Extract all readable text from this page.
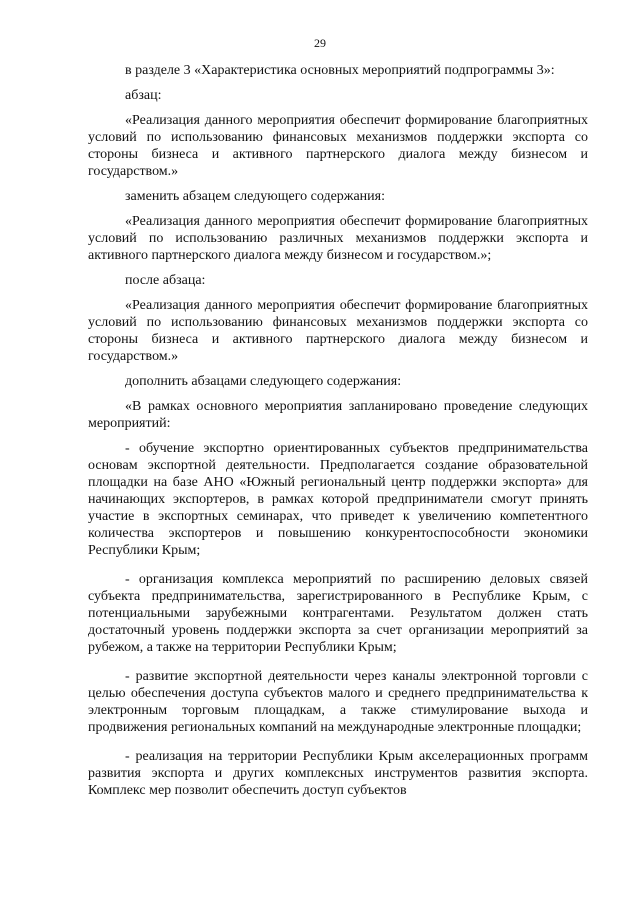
29

в разделе 3 «Характеристика основных мероприятий подпрограммы 3»:

абзац:

«Реализация данного мероприятия обеспечит формирование благоприятных условий по использованию финансовых механизмов поддержки экспорта со стороны бизнеса и активного партнерского диалога между бизнесом и государством.»

заменить абзацем следующего содержания:

«Реализация данного мероприятия обеспечит формирование благоприятных условий по использованию различных механизмов поддержки экспорта и активного партнерского диалога между бизнесом и государством.»;

после абзаца:

«Реализация данного мероприятия обеспечит формирование благоприятных условий по использованию финансовых механизмов поддержки экспорта со стороны бизнеса и активного партнерского диалога между бизнесом и государством.»

дополнить абзацами следующего содержания:

«В рамках основного мероприятия запланировано проведение следующих мероприятий:

- обучение экспортно ориентированных субъектов предпринимательства основам экспортной деятельности. Предполагается создание образовательной площадки на базе АНО «Южный региональный центр поддержки экспорта» для начинающих экспортеров, в рамках которой предприниматели смогут принять участие в экспортных семинарах, что приведет к увеличению компетентного количества экспортеров и повышению конкурентоспособности экономики Республики Крым;

- организация комплекса мероприятий по расширению деловых связей субъекта предпринимательства, зарегистрированного в Республике Крым, с потенциальными зарубежными контрагентами. Результатом должен стать достаточный уровень поддержки экспорта за счет организации мероприятий за рубежом, а также на территории Республики Крым;

- развитие экспортной деятельности через каналы электронной торговли с целью обеспечения доступа субъектов малого и среднего предпринимательства к электронным торговым площадкам, а также стимулирование выхода и продвижения региональных компаний на международные электронные площадки;

- реализация на территории Республики Крым акселерационных программ развития экспорта и других комплексных инструментов развития экспорта. Комплекс мер позволит обеспечить доступ субъектов
